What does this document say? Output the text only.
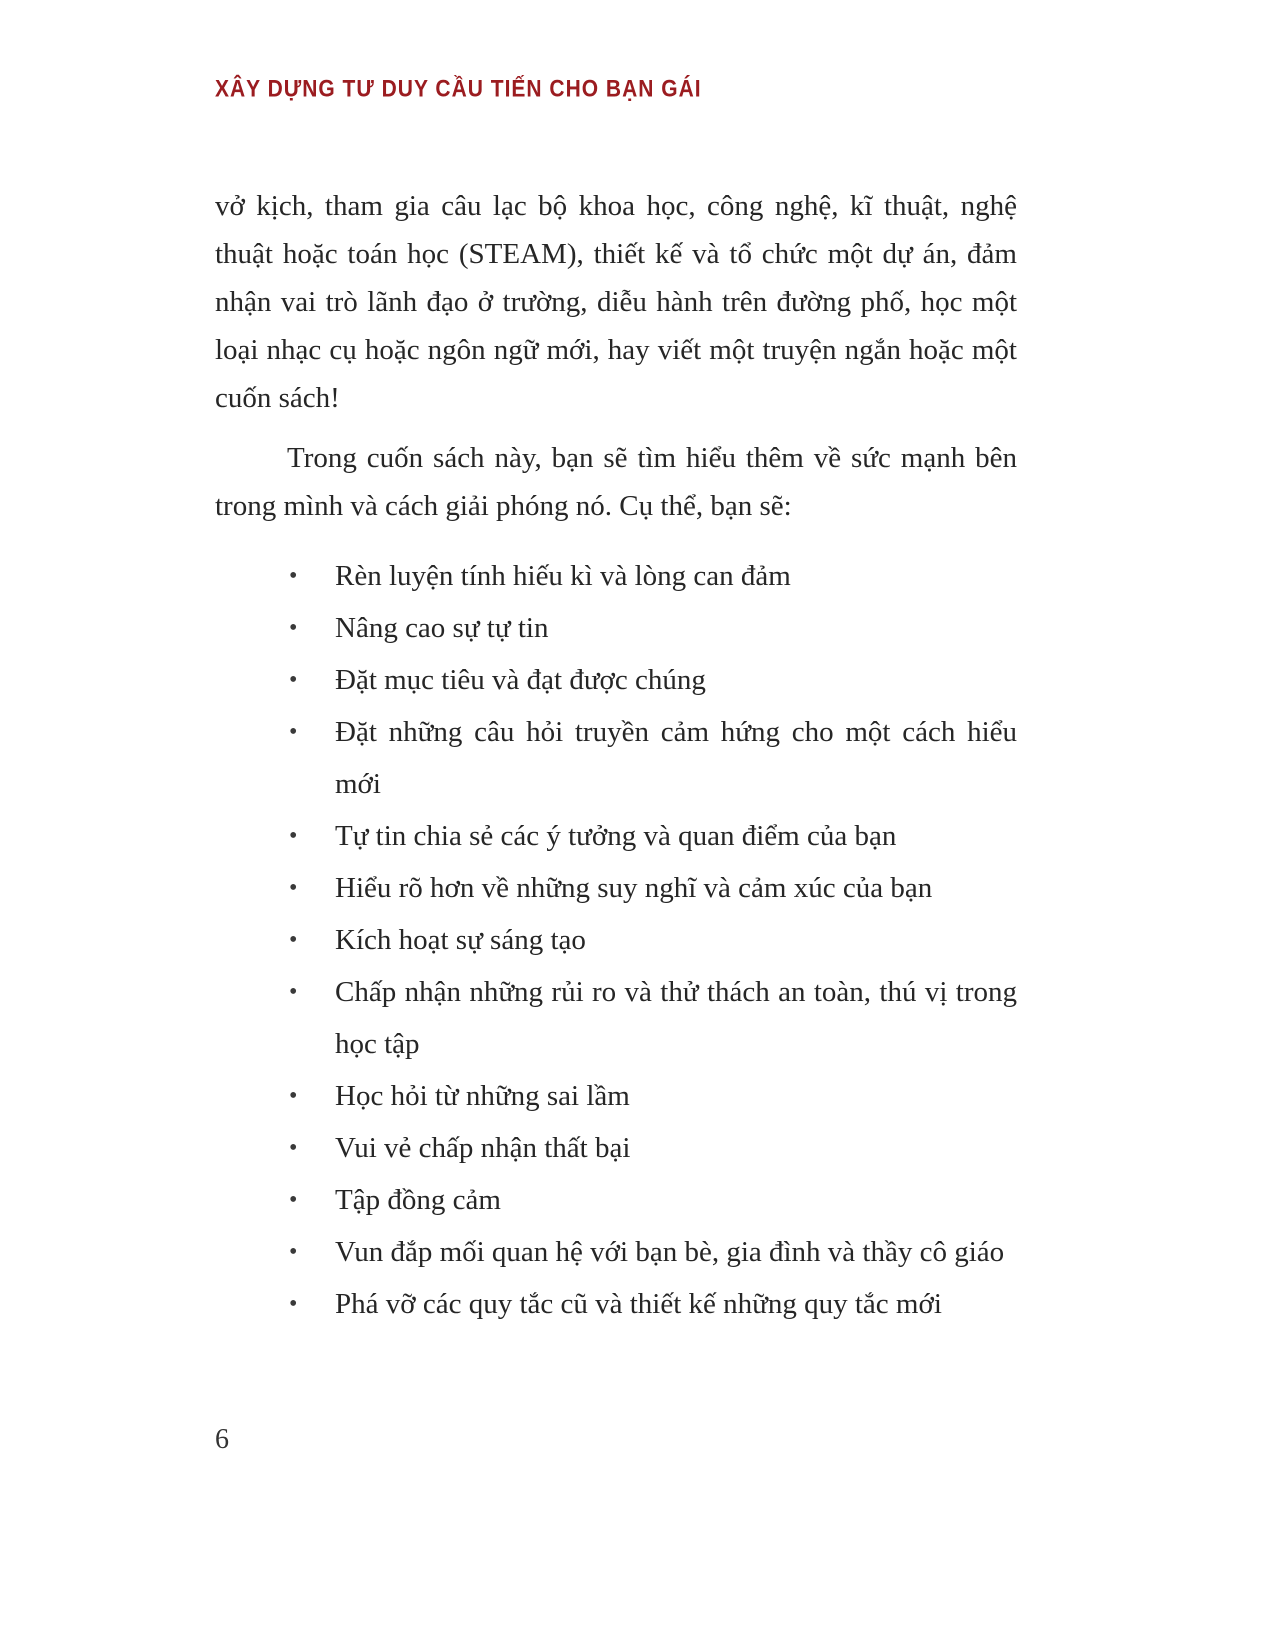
XÂY DỰNG TƯ DUY CẦU TIẾN CHO BẠN GÁI

vở kịch, tham gia câu lạc bộ khoa học, công nghệ, kĩ thuật, nghệ thuật hoặc toán học (STEAM), thiết kế và tổ chức một dự án, đảm nhận vai trò lãnh đạo ở trường, diễu hành trên đường phố, học một loại nhạc cụ hoặc ngôn ngữ mới, hay viết một truyện ngắn hoặc một cuốn sách!

Trong cuốn sách này, bạn sẽ tìm hiểu thêm về sức mạnh bên trong mình và cách giải phóng nó. Cụ thể, bạn sẽ:

• Rèn luyện tính hiếu kì và lòng can đảm
• Nâng cao sự tự tin
• Đặt mục tiêu và đạt được chúng
• Đặt những câu hỏi truyền cảm hứng cho một cách hiểu mới
• Tự tin chia sẻ các ý tưởng và quan điểm của bạn
• Hiểu rõ hơn về những suy nghĩ và cảm xúc của bạn
• Kích hoạt sự sáng tạo
• Chấp nhận những rủi ro và thử thách an toàn, thú vị trong học tập
• Học hỏi từ những sai lầm
• Vui vẻ chấp nhận thất bại
• Tập đồng cảm
• Vun đắp mối quan hệ với bạn bè, gia đình và thầy cô giáo
• Phá vỡ các quy tắc cũ và thiết kế những quy tắc mới
6
